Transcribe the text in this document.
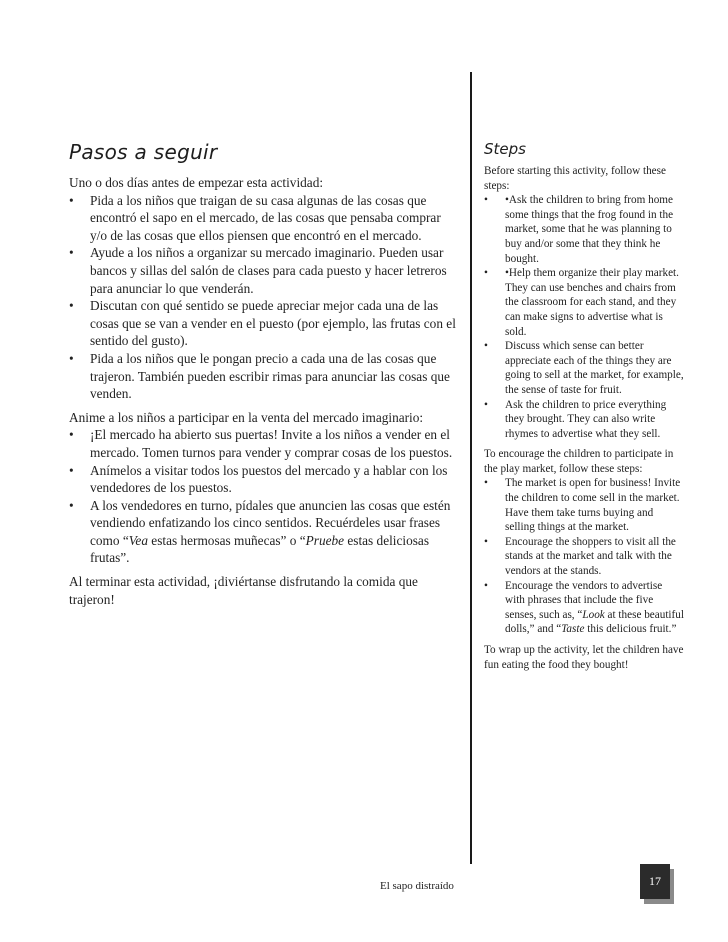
Pasos a seguir

Uno o dos días antes de empezar esta actividad:

• Pida a los niños que traigan de su casa algunas de las cosas que encontró el sapo en el mercado, de las cosas que pensaba comprar y/o de las cosas que ellos piensen que encontró en el mercado.
• Ayude a los niños a organizar su mercado imaginario. Pueden usar bancos y sillas del salón de clases para cada puesto y hacer letreros para anunciar lo que venderán.
• Discutan con qué sentido se puede apreciar mejor cada una de las cosas que se van a vender en el puesto (por ejemplo, las frutas con el sentido del gusto).
• Pida a los niños que le pongan precio a cada una de las cosas que trajeron. También pueden escribir rimas para anunciar las cosas que venden.

Anime a los niños a participar en la venta del mercado imaginario:

• ¡El mercado ha abierto sus puertas! Invite a los niños a vender en el mercado. Tomen turnos para vender y comprar cosas de los puestos.
• Anímelos a visitar todos los puestos del mercado y a hablar con los vendedores de los puestos.
• A los vendedores en turno, pídales que anuncien las cosas que estén vendiendo enfatizando los cinco sentidos. Recuérdeles usar frases como “Vea estas hermosas muñecas” o “Pruebe estas deliciosas frutas”.

Al terminar esta actividad, ¡diviértanse disfrutando la comida que trajeron!

Steps

Before starting this activity, follow these steps:

• •Ask the children to bring from home some things that the frog found in the market, some that he was planning to buy and/or some that they think he bought.
• •Help them organize their play market. They can use benches and chairs from the classroom for each stand, and they can make signs to advertise what is sold.
• Discuss which sense can better appreciate each of the things they are going to sell at the market, for example, the sense of taste for fruit.
• Ask the children to price everything they brought. They can also write rhymes to advertise what they sell.

To encourage the children to participate in the play market, follow these steps:

• The market is open for business! Invite the children to come sell in the market. Have them take turns buying and selling things at the market.
• Encourage the shoppers to visit all the stands at the market and talk with the vendors at the stands.
• Encourage the vendors to advertise with phrases that include the five senses, such as, “Look at these beautiful dolls,” and “Taste this delicious fruit.”

To wrap up the activity, let the children have fun eating the food they bought!

El sapo distraído	17
